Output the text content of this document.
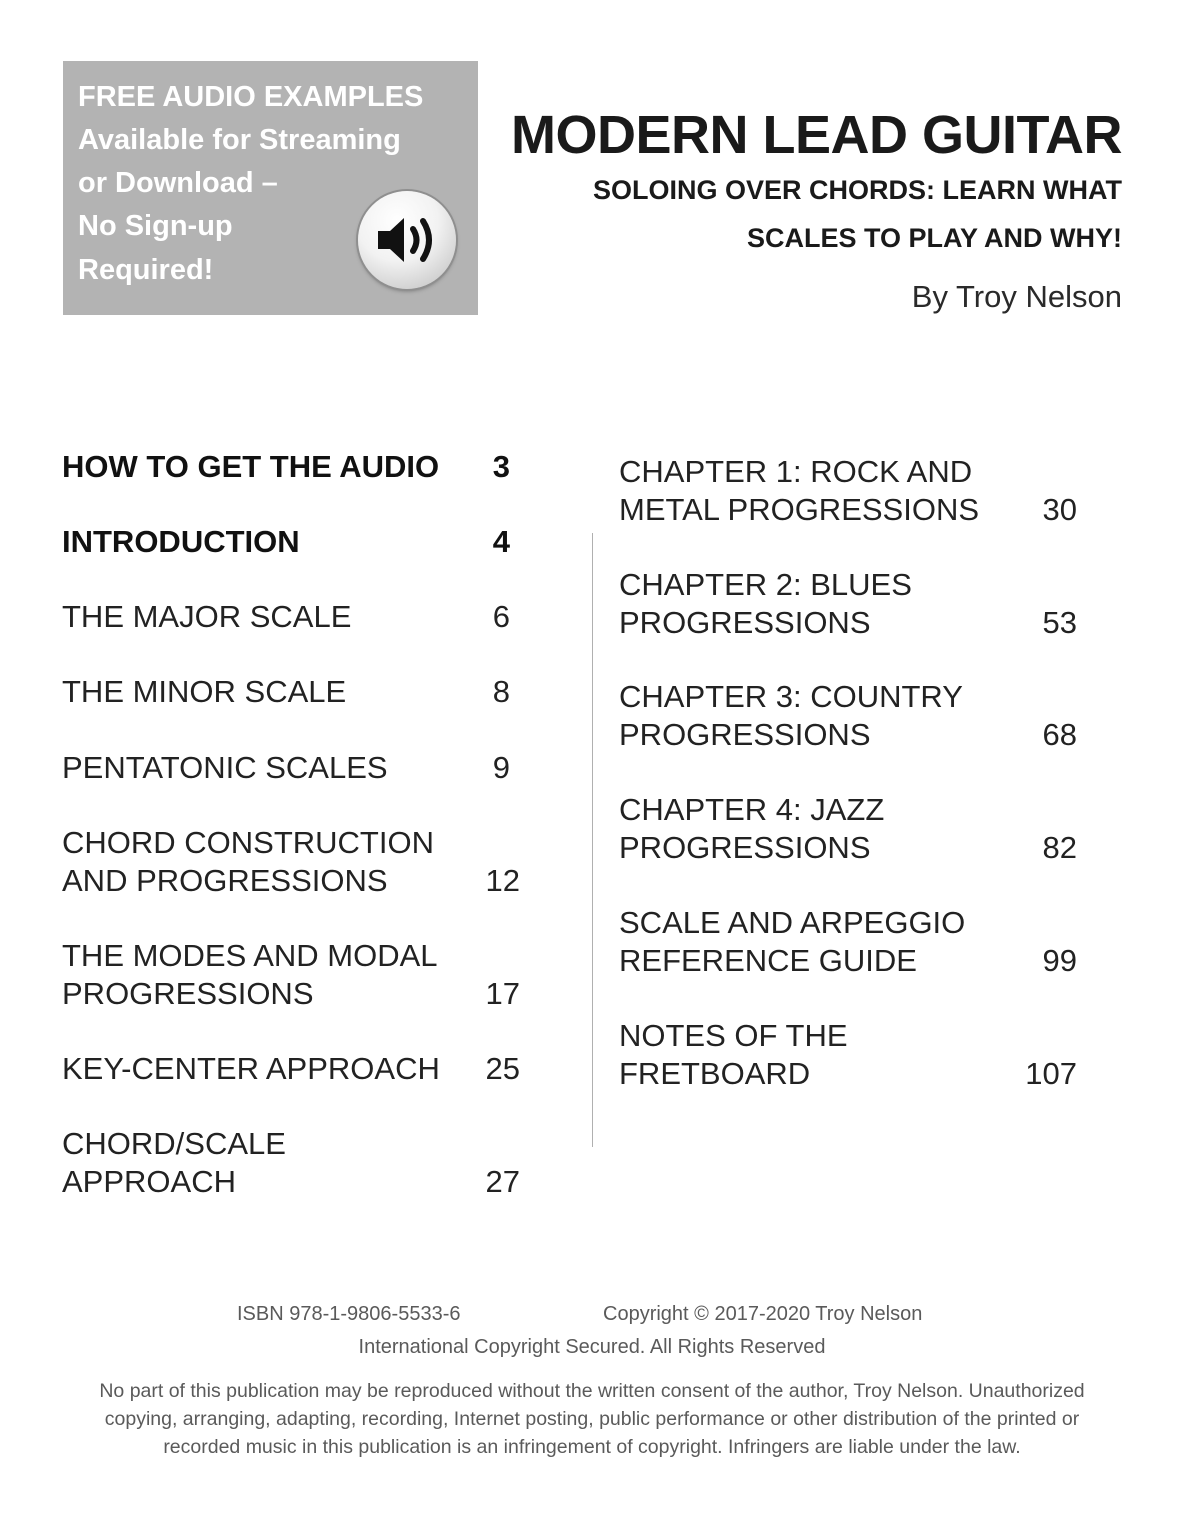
FREE AUDIO EXAMPLES
Available for Streaming
or Download –
No Sign-up
Required!
MODERN LEAD GUITAR
SOLOING OVER CHORDS: LEARN WHAT
SCALES TO PLAY AND WHY!
By Troy Nelson
HOW TO GET THE AUDIO	3
INTRODUCTION	4
THE MAJOR SCALE	6
THE MINOR SCALE	8
PENTATONIC SCALES	9
CHORD CONSTRUCTION
AND PROGRESSIONS	12
THE MODES AND MODAL
PROGRESSIONS	17
KEY-CENTER APPROACH	25
CHORD/SCALE
APPROACH	27
CHAPTER 1: ROCK AND
METAL PROGRESSIONS	30
CHAPTER 2: BLUES
PROGRESSIONS	53
CHAPTER 3: COUNTRY
PROGRESSIONS	68
CHAPTER 4: JAZZ
PROGRESSIONS	82
SCALE AND ARPEGGIO
REFERENCE GUIDE	99
NOTES OF THE
FRETBOARD	107
ISBN 978-1-9806-5533-6	Copyright © 2017-2020 Troy Nelson
International Copyright Secured. All Rights Reserved
No part of this publication may be reproduced without the written consent of the author, Troy Nelson. Unauthorized
copying, arranging, adapting, recording, Internet posting, public performance or other distribution of the printed or
recorded music in this publication is an infringement of copyright. Infringers are liable under the law.
